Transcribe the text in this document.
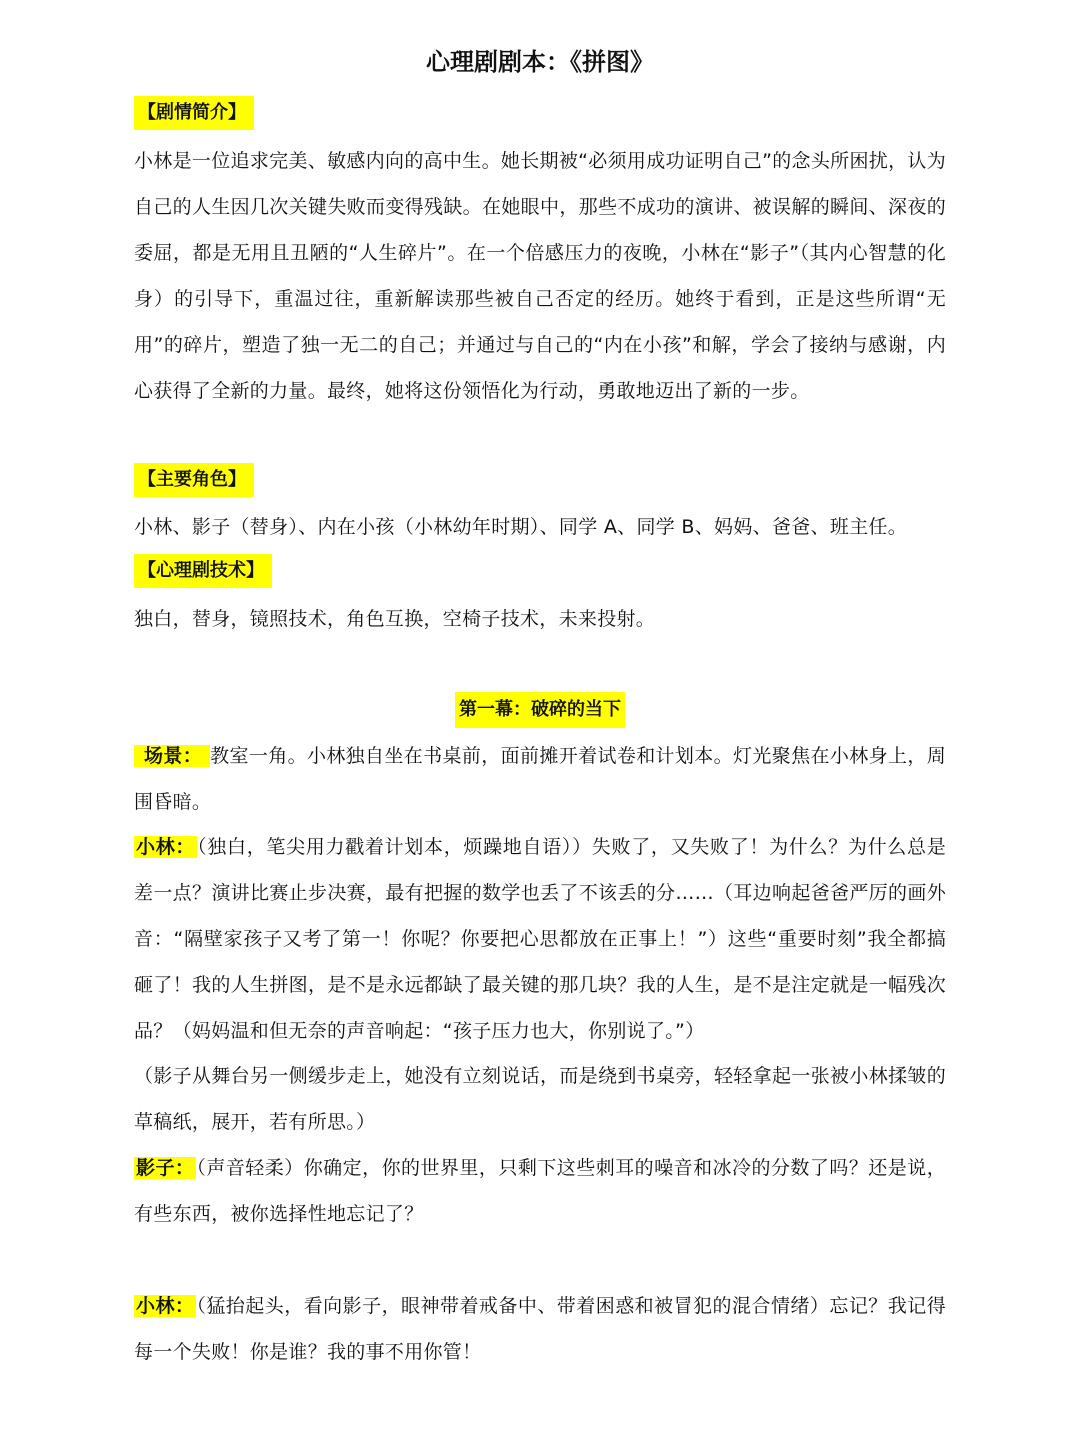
心理剧剧本：《拼图》
【剧情简介】
小林是一位追求完美、敏感内向的高中生。她长期被“必须用成功证明自己”的念头所困扰，认为自己的人生因几次关键失败而变得残缺。在她眼中，那些不成功的演讲、被误解的瞬间、深夜的委屈，都是无用且丑陋的“人生碎片”。在一个倍感压力的夜晚，小林在“影子”（其内心智慧的化身）的引导下，重温过往，重新解读那些被自己否定的经历。她终于看到，正是这些所谓“无用”的碎片，塑造了独一无二的自己；并通过与自己的“内在小孩”和解，学会了接纳与感谢，内心获得了全新的力量。最终，她将这份领悟化为行动，勇敢地迈出了新的一步。
【主要角色】
小林、影子（替身）、内在小孩（小林幼年时期）、同学 A、同学 B、妈妈、爸爸、班主任。
【心理剧技术】
独白，替身，镜照技术，角色互换，空椅子技术，未来投射。
第一幕：破碎的当下
场景： 教室一角。小林独自坐在书桌前，面前摊开着试卷和计划本。灯光聚焦在小林身上，周围昏暗。
小林： （独白，笔尖用力戳着计划本，烦躁地自语））失败了，又失败了！为什么？为什么总是差一点？演讲比赛止步决赛，最有把握的数学也丢了不该丢的分……（耳边响起爸爸严厉的画外音：“隔壁家孩子又考了第一！你呢？你要把心思都放在正事上！”）这些“重要时刻”我全都搞砸了！我的人生拼图，是不是永远都缺了最关键的那几块？我的人生，是不是注定就是一幅残次品？（妈妈温和但无奈的声音响起：“孩子压力也大，你别说了。”）
（影子从舞台另一侧缓步走上，她没有立刻说话，而是绕到书桌旁，轻轻拿起一张被小林揉皱的草稿纸，展开，若有所思。）
影子： （声音轻柔）你确定，你的世界里，只剩下这些刺耳的噪音和冰冷的分数了吗？还是说，有些东西，被你选择性地忘记了？
小林： （猛抬起头，看向影子，眼神带着戒备中、带着困惑和被冒犯的混合情绪）忘记？我记得每一个失败！你是谁？我的事不用你管！
